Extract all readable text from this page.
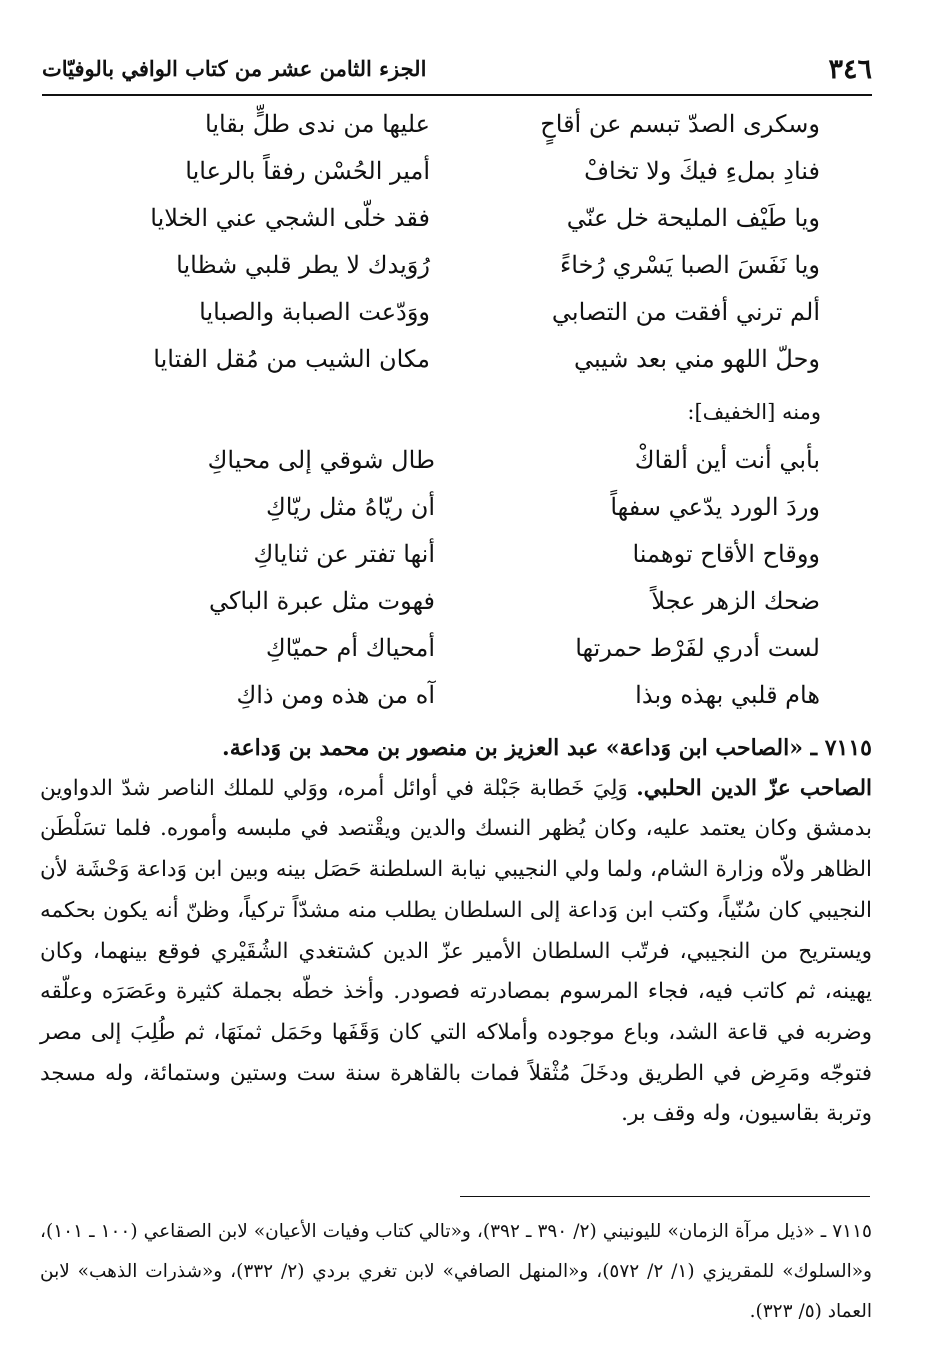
٣٤٦
الجزء الثامن عشر من كتاب الوافي بالوفيّات
وسكرى الصدّ تبسم عن أقاحٍ
عليها من ندى طلٍّ بقايا
فنادِ بملءِ فيكَ ولا تخافْ
أمير الحُسْن رفقاً بالرعايا
ويا طَيْف المليحة خل عنّي
فقد خلّى الشجي عني الخلايا
ويا نَفَسَ الصبا يَسْري رُخاءً
رُوَيدك لا يطر قلبي شظايا
ألم ترني أفقت من التصابي
ووَدّعت الصبابة والصبايا
وحلّ اللهو مني بعد شيبي
مكان الشيب من مُقل الفتايا
ومنه [الخفيف]:
بأبي أنت أين ألقاكْ
طال شوقي إلى محياكِ
وردَ الورد يدّعي سفهاً
أن ريّاهُ مثل ريّاكِ
ووقاح الأقاح توهمنا
أنها تفتر عن ثناياكِ
ضحك الزهر عجلاً
فهوت مثل عبرة الباكي
لست أدري لفَرْط حمرتها
أمحياك أم حميّاكِ
هام قلبي بهذه وبذا
آه من هذه ومن ذاكِ
٧١١٥ ـ «الصاحب ابن وَداعة» عبد العزيز بن منصور بن محمد بن وَداعة.
الصاحب عزّ الدين الحلبي. وَلِيَ خَطابة جَبْلة في أوائل أمره، ووَلي للملك الناصر شدّ الدواوين بدمشق وكان يعتمد عليه، وكان يُظهر النسك والدين ويقْتصد في ملبسه وأموره. فلما تسَلْطَن الظاهر ولاّه وزارة الشام، ولما ولي النجيبي نيابة السلطنة حَصَل بينه وبين ابن وَداعة وَحْشَة لأن النجيبي كان سُنّياً، وكتب ابن وَداعة إلى السلطان يطلب منه مشدّاً تركياً، وظنّ أنه يكون بحكمه ويستريح من النجيبي، فرتّب السلطان الأمير عزّ الدين كشتغدي الشُقَيْري فوقع بينهما، وكان يهينه، ثم كاتب فيه، فجاء المرسوم بمصادرته فصودر. وأخذ خطّه بجملة كثيرة وعَصَرَه وعلّقه وضربه في قاعة الشد، وباع موجوده وأملاكه التي كان وَقَفَها وحَمَل ثمنَهَا، ثم طُلِبَ إلى مصر فتوجّه ومَرِض في الطريق ودخَلَ مُثْقلاً فمات بالقاهرة سنة ست وستين وستمائة، وله مسجد وتربة بقاسيون، وله وقف بر.
٧١١٥ ـ «ذيل مرآة الزمان» لليونيني (٢/ ٣٩٠ ـ ٣٩٢)، و«تالي كتاب وفيات الأعيان» لابن الصقاعي (١٠٠ ـ ١٠١)، و«السلوك» للمقريزي (١/ ٢/ ٥٧٢)، و«المنهل الصافي» لابن تغري بردي (٢/ ٣٣٢)، و«شذرات الذهب» لابن العماد (٥/ ٣٢٣).
